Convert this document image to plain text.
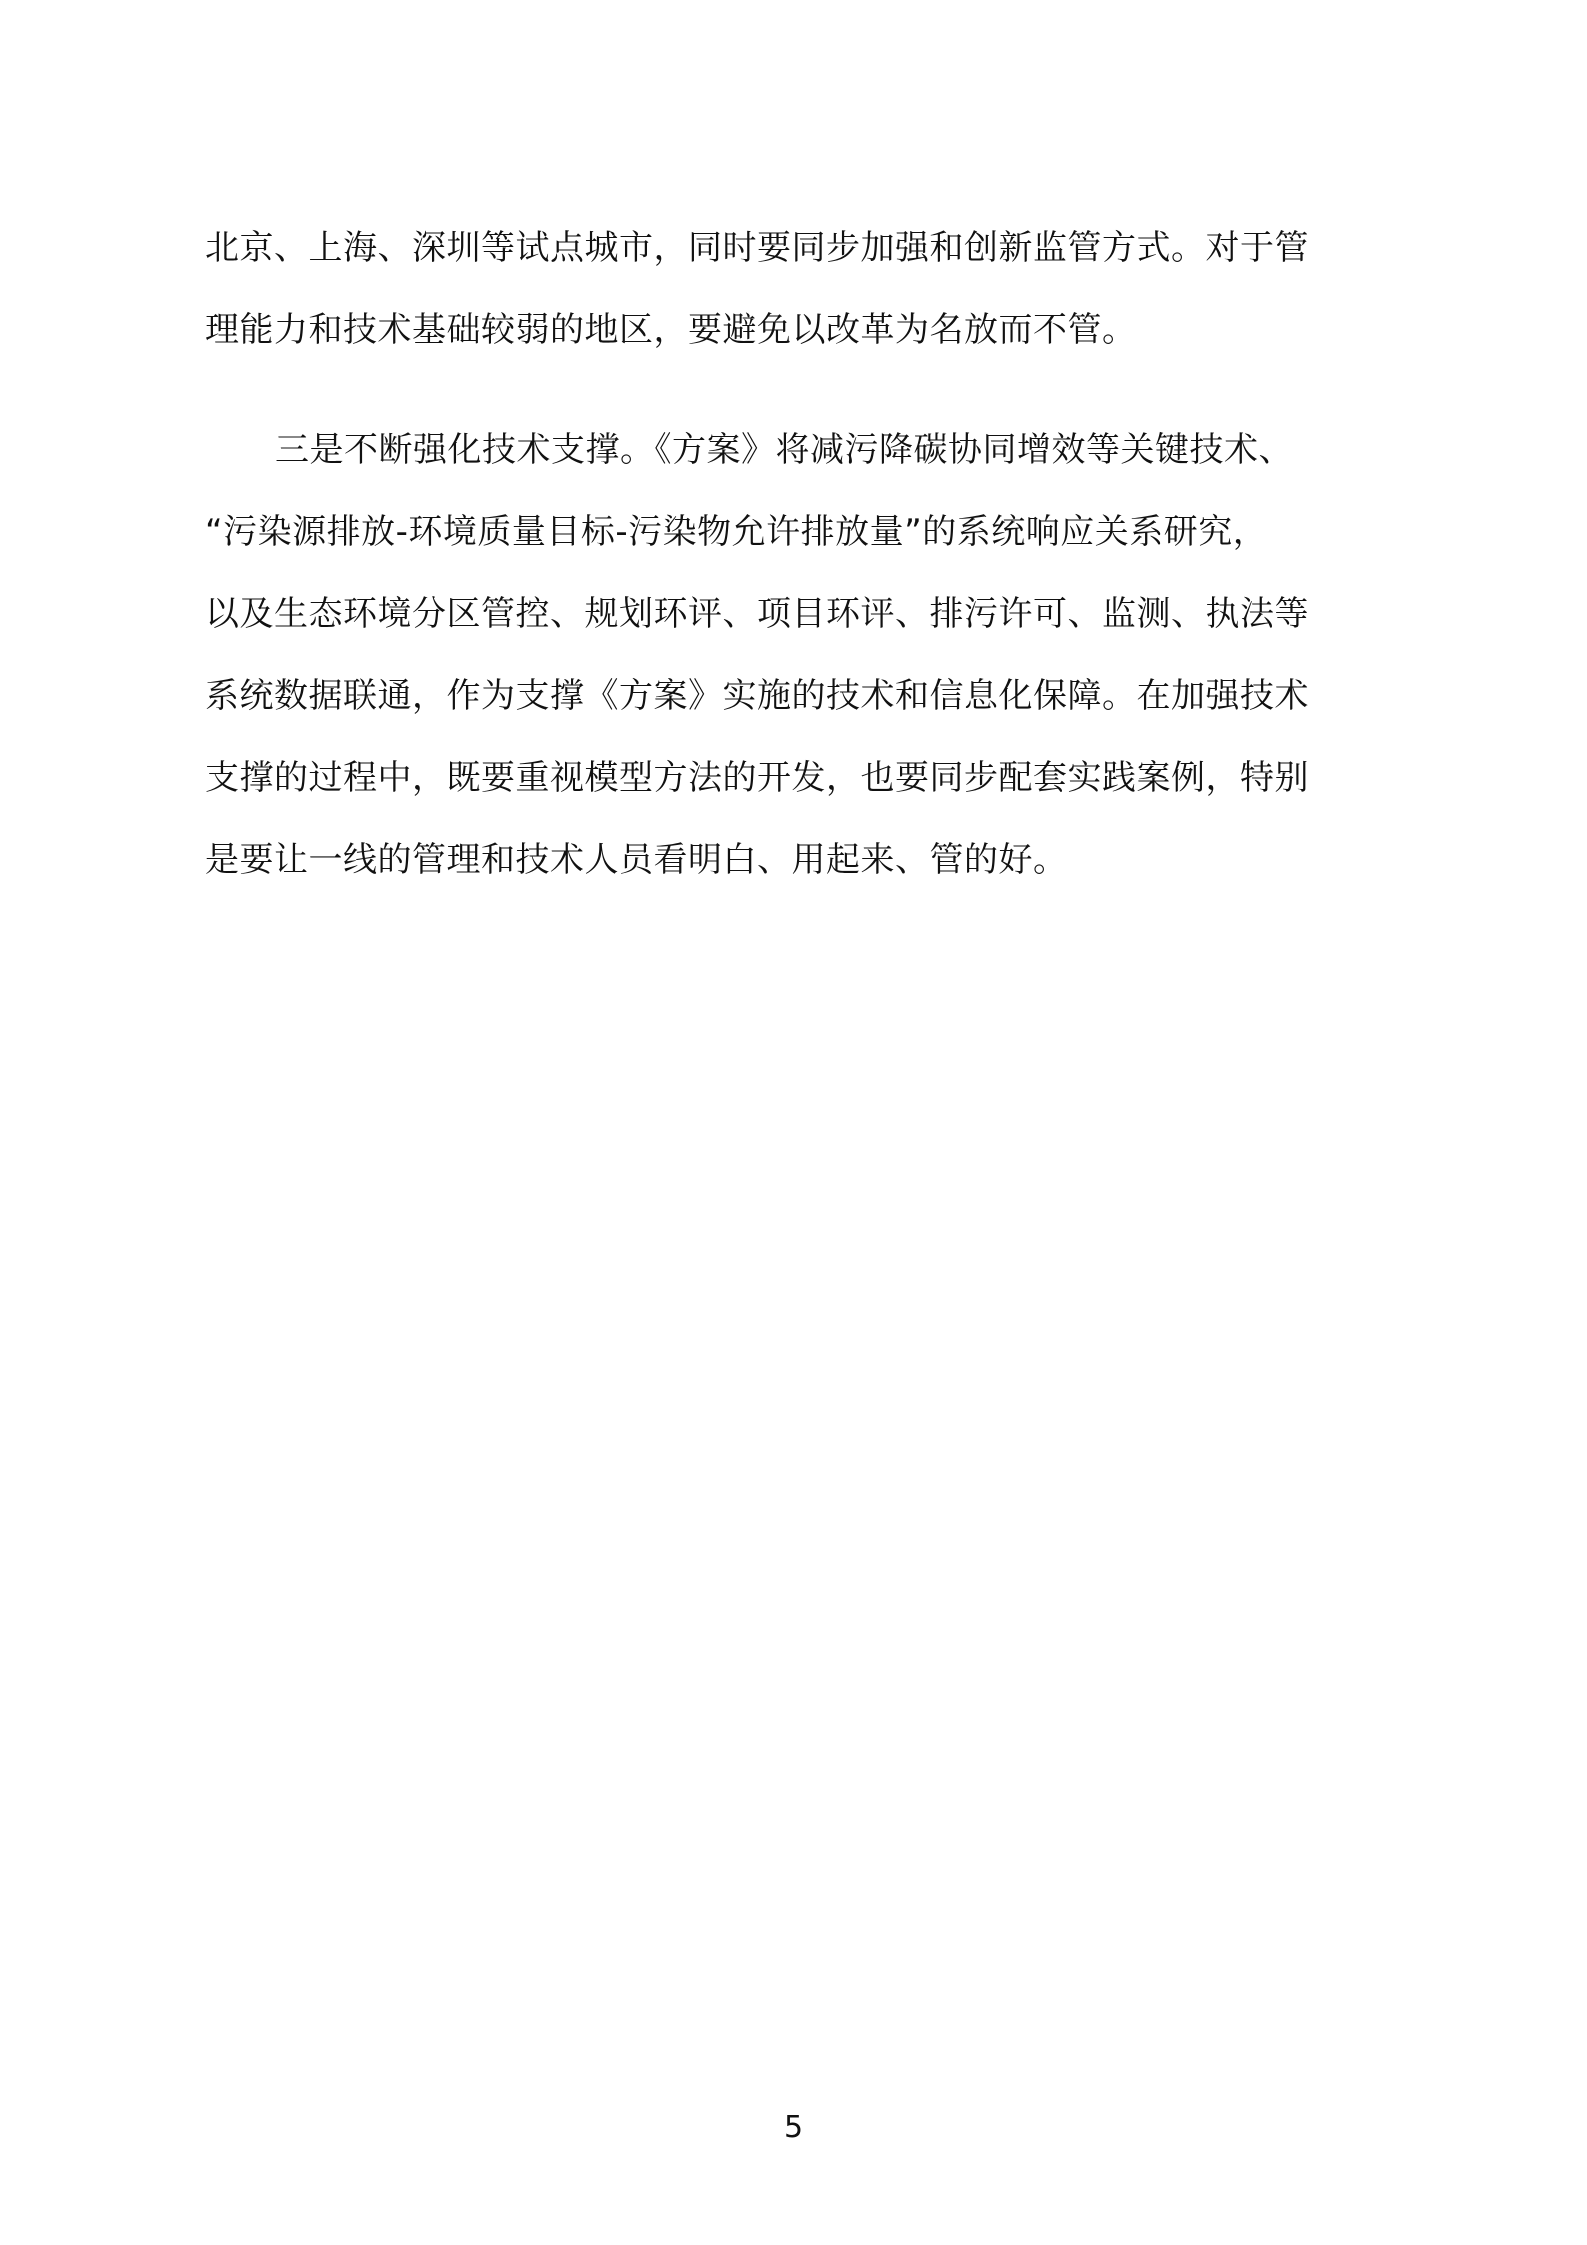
北京、上海、深圳等试点城市，同时要同步加强和创新监管方式。对于管
理能力和技术基础较弱的地区，要避免以改革为名放而不管。
三是不断强化技术支撑。《方案》将减污降碳协同增效等关键技术、
“污染源排放-环境质量目标-污染物允许排放量”的系统响应关系研究，
以及生态环境分区管控、规划环评、项目环评、排污许可、监测、执法等
系统数据联通，作为支撑《方案》实施的技术和信息化保障。在加强技术
支撑的过程中，既要重视模型方法的开发，也要同步配套实践案例，特别
是要让一线的管理和技术人员看明白、用起来、管的好。
5
